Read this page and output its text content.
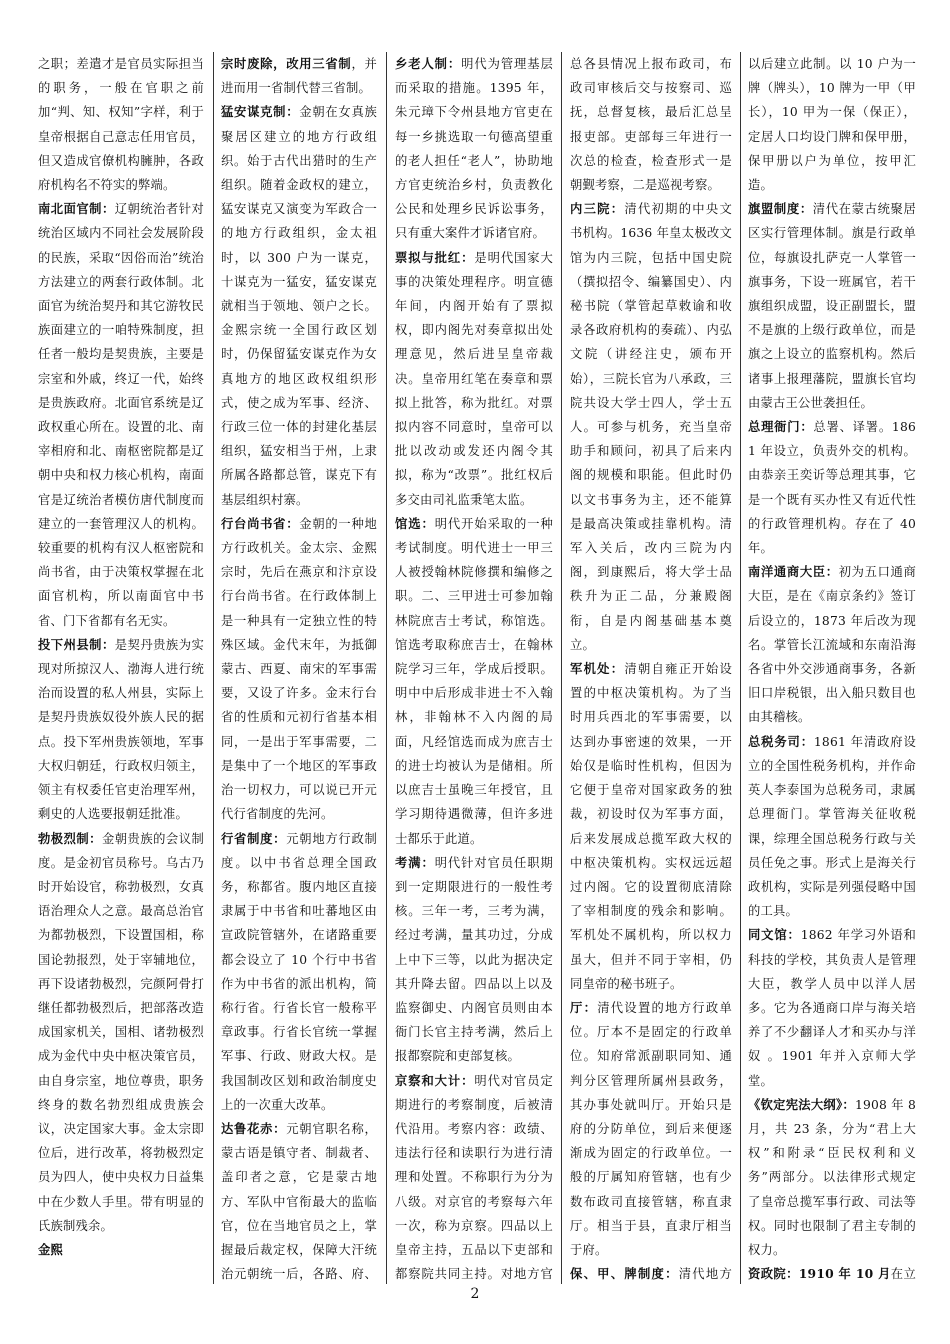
之职；差遣才是官员实际担当的职务，一般在官职之前加“判、知、权知”字样，利于皇帝根据自己意志任用官员，但又造成官僚机构臃肿，各政府机构名不符实的弊端。

南北面官制：辽朝统治者针对统治区域内不同社会发展阶段的民族，采取“因俗而治”统治方法建立的两套行政体制。北面官为统治契丹和其它游牧民族面建立的一咱特殊制度，担任者一般均是契贵族，主要是宗室和外戚，终辽一代，始终是贵族政府。北面官系统是辽政权重心所在。设置的北、南宰相府和北、南枢密院都是辽朝中央和权力核心机构，南面官是辽统治者模仿唐代制度而建立的一套管理汉人的机构。较重要的机构有汉人枢密院和尚书省，由于决策权掌握在北面官机构，所以南面官中书省、门下省都有名无实。

投下州县制：是契丹贵族为实现对所掠汉人、渤海人进行统治而设置的私人州县，实际上是契丹贵族奴役外族人民的据点。投下军州贵族领地，军事大权归朝廷，行政权归领主，领主有权委任官吏治理军州，剩史的人选要报朝廷批准。

勃极烈制：金朝贵族的会议制度。是金初官员称号。乌古乃时开始设官，称勃极烈，女真语治理众人之意。最高总治官为都勃极烈，下设置国相，称国论勃报烈，处于宰辅地位，再下设诸勃极烈，完颜阿骨打继任都勃极烈后，把部落改造成国家机关，国相、诸勃极烈成为金代中央中枢决策官员，由自身宗室，地位尊贵，职务终身的数名勃烈组成贵族会议，决定国家大事。金太宗即位后，进行改革，将勃极烈定员为四人，使中央权力日益集中在少数人手里。带有明显的氏族制残余。

金熙

宗时废除，改用三省制，并进而用一省制代替三省制。

猛安谋克制：金朝在女真族聚居区建立的地方行政组织。始于古代出猎时的生产组织。随着金政权的建立，猛安谋克又演变为军政合一的地方行政组织，金太祖时，以 300 户为一谋克，十谋克为一猛安，猛安谋克就相当于领地、领户之长。金熙宗统一全国行政区划时，仍保留猛安谋克作为女真地方的地区政权组织形式，使之成为军事、经济、行政三位一体的封建化基层组织，猛安相当于州，上隶所属各路都总管，谋克下有基层组织村寨。

行台尚书省：金朝的一种地方行政机关。金太宗、金熙宗时，先后在燕京和汴京设行台尚书省。在行政体制上是一种具有一定独立性的特殊区域。金代末年，为抵御蒙古、西夏、南宋的军事需要，又设了许多。金末行台省的性质和元初行省基本相同，一是出于军事需要，二是集中了一个地区的军事政治一切权力，可以说已开元代行省制度的先河。

行省制度：元朝地方行政制度。以中书省总理全国政务，称都省。腹内地区直接隶属于中书省和吐蕃地区由宣政院管辖外，在诸路重要都会设立了 10 个行中书省作为中书省的派出机构，简称行省。行省长官一般称平章政事。行省长官统一掌握军事、行政、财政大权。是我国制改区划和政治制度史上的一次重大改革。

达鲁花赤：元朝官职名称，蒙古语是镇守者、制裁者、盖印者之意，它是蒙古地方、军队中官衔最大的监临官，位在当地官员之上，掌握最后裁定权，保障大汗统治元朝统一后，各路、府、

乡老人制：明代为管理基层而采取的措施。1395 年，朱元璋下令州县地方官吏在每一乡挑选取一句德高望重的老人担任“老人”，协助地方官吏统治乡村，负责教化公民和处理乡民诉讼事务，只有重大案件才诉诸官府。

票拟与批红：是明代国家大事的决策处理程序。明宣德年间，内阁开始有了票拟权，即内阁先对奏章拟出处理意见，然后进呈皇帝裁决。皇帝用红笔在奏章和票拟上批答，称为批红。对票拟内容不同意时，皇帝可以批以改动或发还内阁令其拟，称为“改票”。批红权后多交由司礼监秉笔太监。

馆选：明代开始采取的一种考试制度。明代进士一甲三人被授翰林院修撰和编修之职。二、三甲进士可参加翰林院庶吉士考试，称馆选。馆选考取称庶吉士，在翰林院学习三年，学成后授职。明中中后形成非进士不入翰林，非翰林不入内阁的局面，凡经馆选而成为庶吉士的进士均被认为是储相。所以庶吉士虽晚三年授官，且学习期待遇微薄，但许多进士都乐于此道。

考满：明代针对官员任职期到一定期限进行的一般性考核。三年一考，三考为满，经过考满，量其功过，分成上中下三等，以此为据决定其升降去留。四品以上以及监察御史、内阁官员则由本衙门长官主持考满，然后上报都察院和吏部复核。

京察和大计：明代对官员定期进行的考察制度，后被清代沿用。考察内容：政绩、违法行径和读职行为进行清理和处置。不称职行为分为八级。对京官的考察每六年一次，称为京察。四品以上皇帝主持，五品以下吏部和都察院共同主持。对地方官

总各县情况上报布政司，布政司审核后交与按察司、巡抚，总督复核，最后汇总呈报吏部。吏部每三年进行一次总的检查，检查形式一是朝觐考察，二是巡视考察。

内三院：清代初期的中央文书机构。1636 年皇太极改文馆为内三院，包括中国史院（撰拟招令、编纂国史）、内秘书院（掌管起草敕谕和收录各政府机构的奏疏）、内弘文院（讲经注史，颁布开始），三院长官为八承政，三院共设大学士四人，学士五人。可参与机务，充当皇帝助手和顾问，初具了后来内阁的规模和职能。但此时仍以文书事务为主，还不能算是最高决策或挂靠机构。清军入关后，改内三院为内阁，到康熙后，将大学士品秩升为正二品，分兼殿阁衔，自是内阁基础基本奠立。

军机处：清朝自雍正开始设置的中枢决策机构。为了当时用兵西北的军事需要，以达到办事密速的效果，一开始仅是临时性机构，但因为它便于皇帝对国家政务的独裁，初设时仅为军事方面，后来发展成总揽军政大权的中枢决策机构。实权远远超过内阁。它的设置彻底清除了宰相制度的残余和影响。军机处不属机构，所以权力虽大，但并不同于宰相，仍同皇帝的秘书班子。

厅：清代设置的地方行政单位。厅本不是固定的行政单位。知府常派副职同知、通判分区管理所属州县政务，其办事处就叫厅。开始只是府的分防单位，到后来便逐渐成为固定的行政单位。一般的厅属知府管辖，也有少数布政司直接管辖，称直隶厅。相当于县，直隶厅相当于府。

保、甲、牌制度：清代地方

以后建立此制。以 10 户为一牌（牌头），10 牌为一甲（甲长），10 甲为一保（保正），定居人口均设门牌和保甲册，保甲册以户为单位，按甲汇造。

旗盟制度：清代在蒙古统聚居区实行管理体制。旗是行政单位，每旗设扎萨克一人掌管一旗事务，下设一班属官，若干旗组织成盟，设正副盟长，盟不是旗的上级行政单位，而是旗之上设立的监察机构。然后诸事上报理藩院，盟旗长官均由蒙古王公世袭担任。

总理衙门：总署、译署。1861 年设立，负责外交的机构。由恭亲王奕䜣等总理其事，它是一个既有买办性又有近代性的行政管理机构。存在了 40 年。

南洋通商大臣：初为五口通商大臣，是在《南京条约》签订后设立的，1873 年后改为现名。掌管长江流域和东南沿海各省中外交涉通商事务，各新旧口岸税银，出入船只数目也由其稽核。

总税务司：1861 年清政府设立的全国性税务机构，并作命英人李泰国为总税务司，隶属总理衙门。掌管海关征收税课，综理全国总税务行政与关员任免之事。形式上是海关行政机构，实际是列强侵略中国的工具。

同文馆：1862 年学习外语和科技的学校，其负责人是管理大臣，教学人员中以洋人居多。它为各通商口岸与海关培养了不少翻译人才和买办与洋奴 。1901 年并入京师大学堂。

《钦定宪法大纲》：1908 年 8 月，共 23 条，分为“君上大权”和附录“臣民权利和义务”两部分。以法律形式规定了皇帝总揽军事行政、司法等权。同时也限制了君主专制的权力。

资政院：1910 年 10 月在立

2
